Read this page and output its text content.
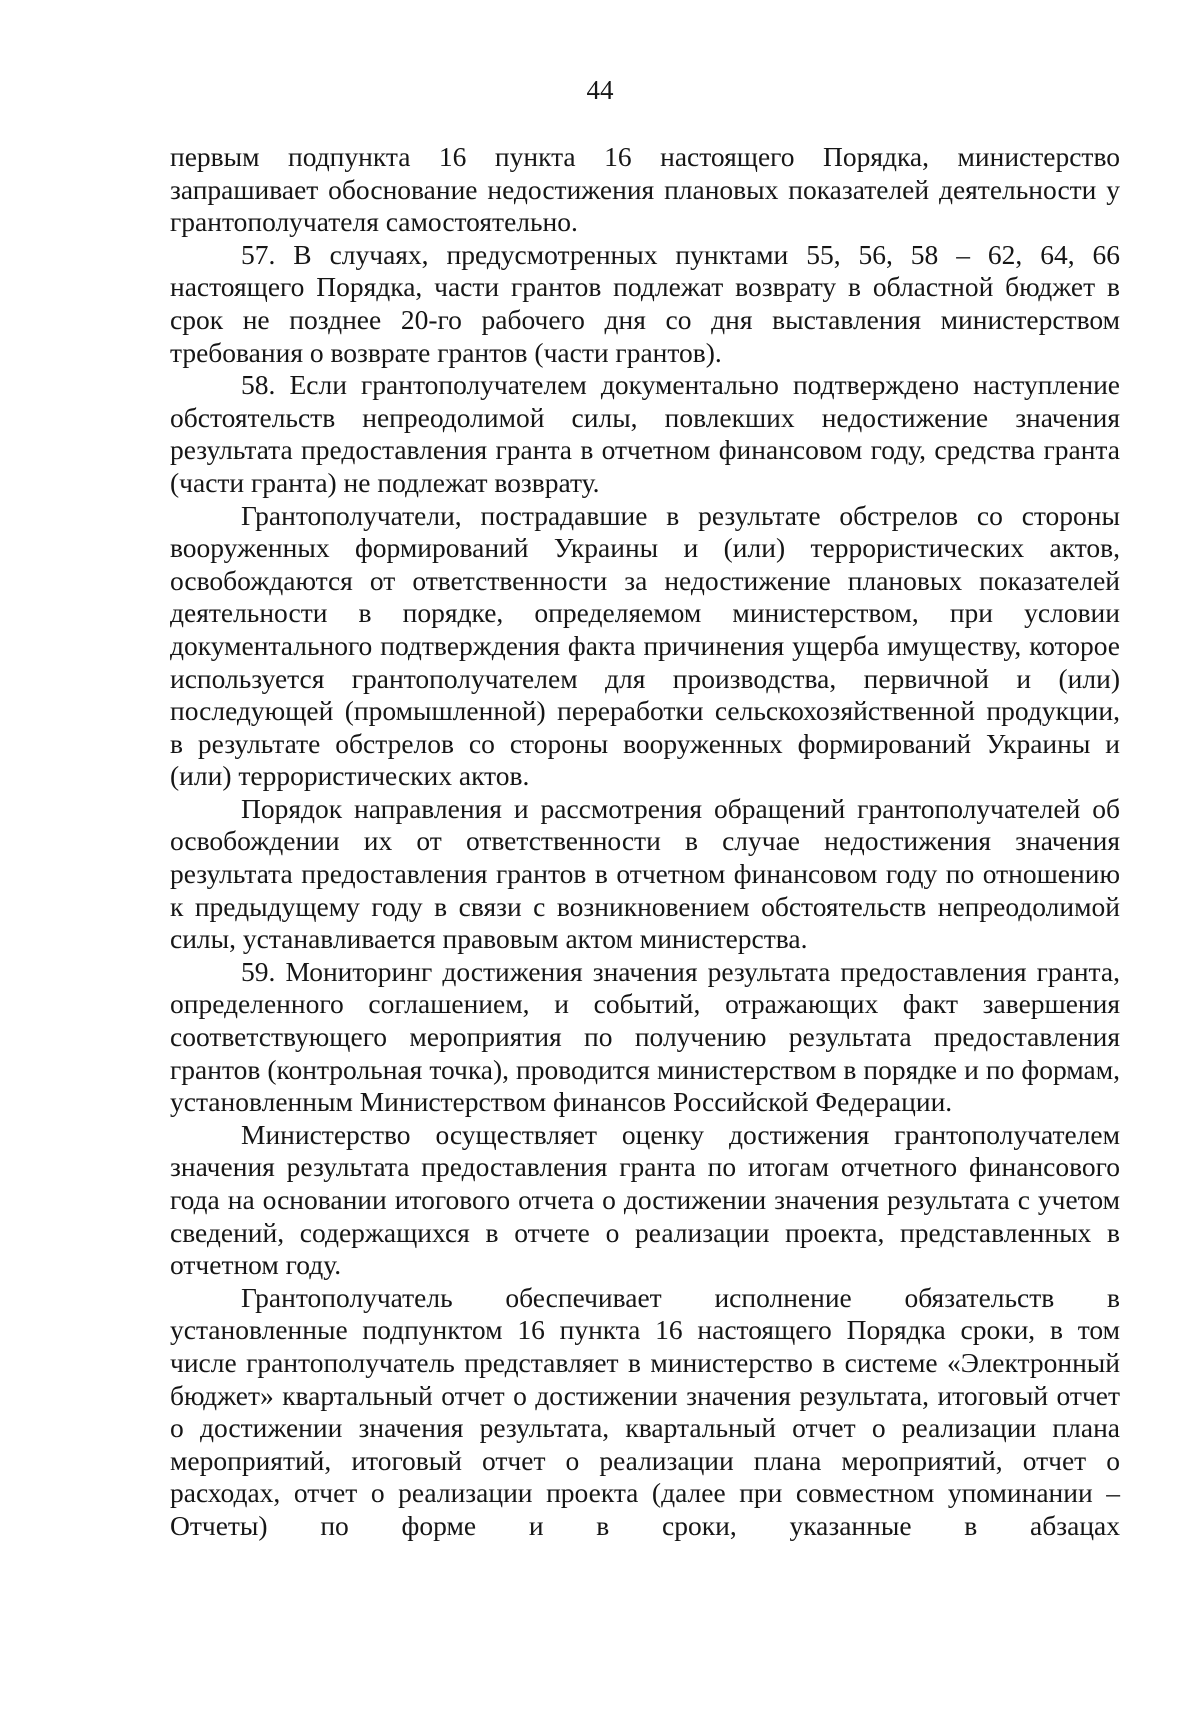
44

первым подпункта 16 пункта 16 настоящего Порядка, министерство запрашивает обоснование недостижения плановых показателей деятельности у грантополучателя самостоятельно.

57. В случаях, предусмотренных пунктами 55, 56, 58 – 62, 64, 66 настоящего Порядка, части грантов подлежат возврату в областной бюджет в срок не позднее 20-го рабочего дня со дня выставления министерством требования о возврате грантов (части грантов).

58. Если грантополучателем документально подтверждено наступление обстоятельств непреодолимой силы, повлекших недостижение значения результата предоставления гранта в отчетном финансовом году, средства гранта (части гранта) не подлежат возврату.

Грантополучатели, пострадавшие в результате обстрелов со стороны вооруженных формирований Украины и (или) террористических актов, освобождаются от ответственности за недостижение плановых показателей деятельности в порядке, определяемом министерством, при условии документального подтверждения факта причинения ущерба имуществу, которое используется грантополучателем для производства, первичной и (или) последующей (промышленной) переработки сельскохозяйственной продукции, в результате обстрелов со стороны вооруженных формирований Украины и (или) террористических актов.

Порядок направления и рассмотрения обращений грантополучателей об освобождении их от ответственности в случае недостижения значения результата предоставления грантов в отчетном финансовом году по отношению к предыдущему году в связи с возникновением обстоятельств непреодолимой силы, устанавливается правовым актом министерства.

59. Мониторинг достижения значения результата предоставления гранта, определенного соглашением, и событий, отражающих факт завершения соответствующего мероприятия по получению результата предоставления грантов (контрольная точка), проводится министерством в порядке и по формам, установленным Министерством финансов Российской Федерации.

Министерство осуществляет оценку достижения грантополучателем значения результата предоставления гранта по итогам отчетного финансового года на основании итогового отчета о достижении значения результата с учетом сведений, содержащихся в отчете о реализации проекта, представленных в отчетном году.

Грантополучатель обеспечивает исполнение обязательств в установленные подпунктом 16 пункта 16 настоящего Порядка сроки, в том числе грантополучатель представляет в министерство в системе «Электронный бюджет» квартальный отчет о достижении значения результата, итоговый отчет о достижении значения результата, квартальный отчет о реализации плана мероприятий, итоговый отчет о реализации плана мероприятий, отчет о расходах, отчет о реализации проекта (далее при совместном упоминании – Отчеты) по форме и в сроки, указанные в абзацах
